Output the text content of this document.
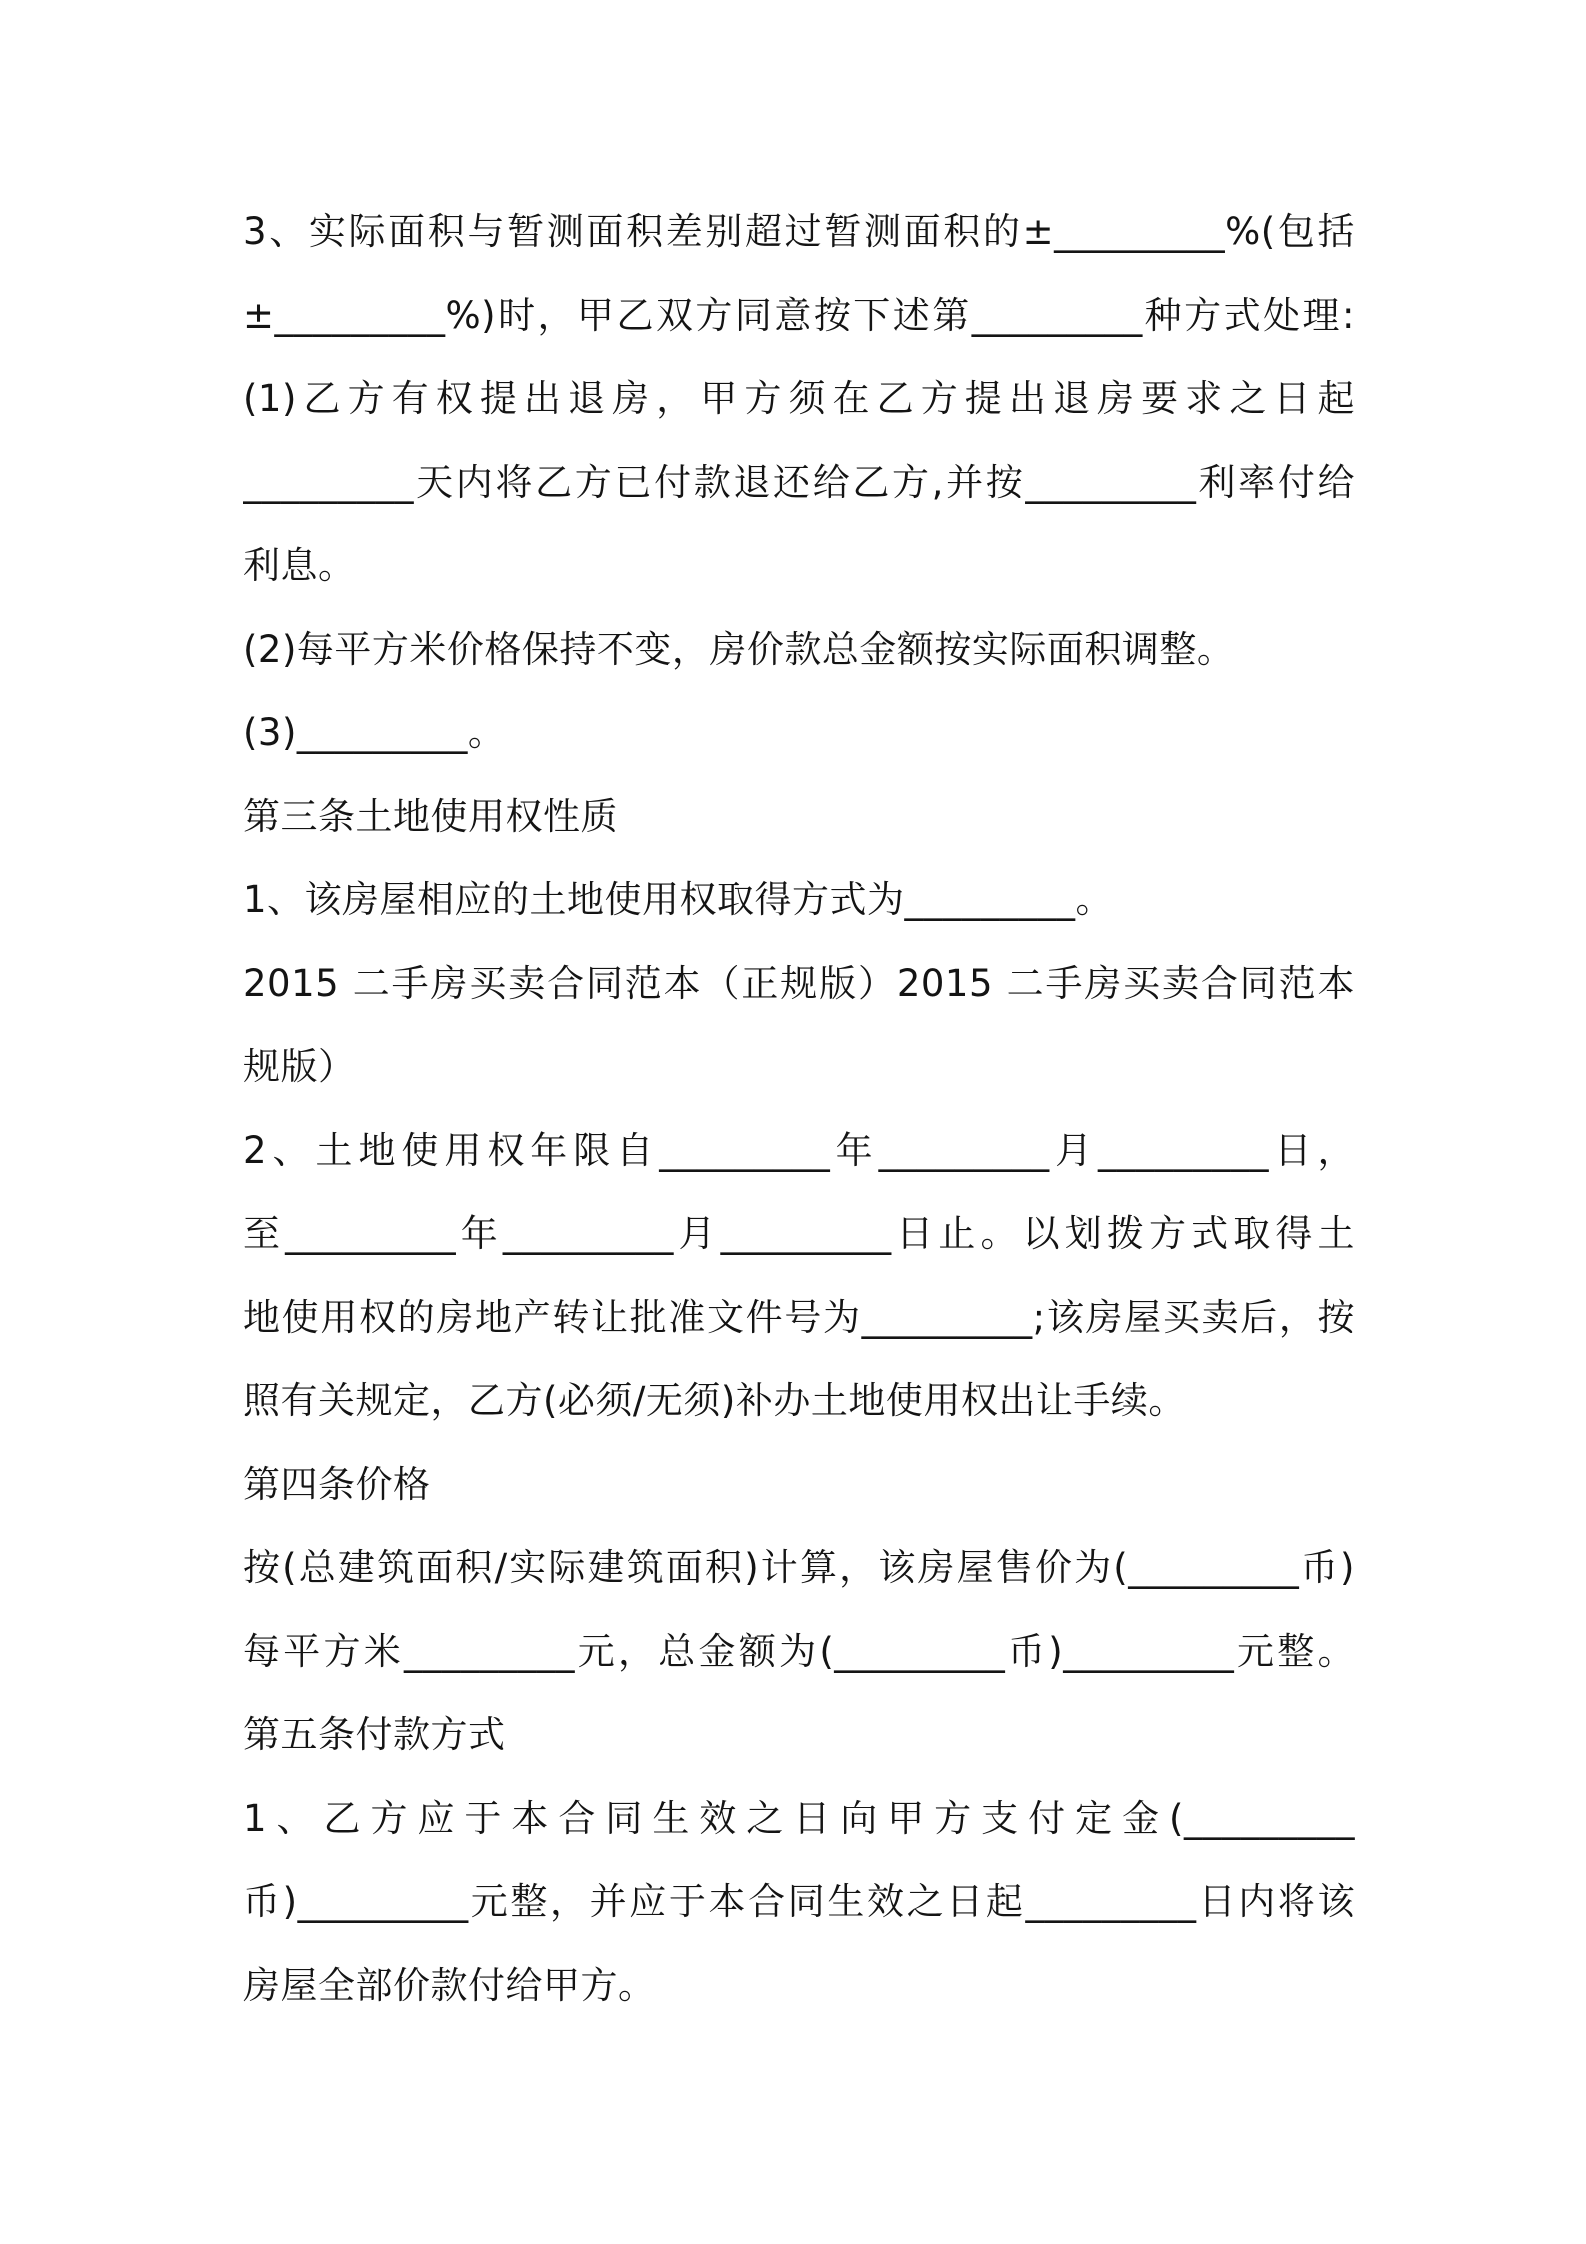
3、实际面积与暂测面积差别超过暂测面积的±_________%(包括
±_________%)时，甲乙双方同意按下述第_________种方式处理:
(1)乙方有权提出退房，甲方须在乙方提出退房要求之日起
_________天内将乙方已付款退还给乙方,并按_________利率付给
利息。
(2)每平方米价格保持不变，房价款总金额按实际面积调整。
(3)_________。
第三条土地使用权性质
1、该房屋相应的土地使用权取得方式为_________。
2015 二手房买卖合同范本（正规版）2015 二手房买卖合同范本
规版）
2、土地使用权年限自_________年_________月_________日，
至_________年_________月_________日止。以划拨方式取得土
地使用权的房地产转让批准文件号为_________;该房屋买卖后，按
照有关规定，乙方(必须/无须)补办土地使用权出让手续。
第四条价格
按(总建筑面积/实际建筑面积)计算，该房屋售价为(_________币)
每平方米_________元，总金额为(_________币)_________元整。
第五条付款方式
1、乙方应于本合同生效之日向甲方支付定金(_________
币)_________元整，并应于本合同生效之日起_________日内将该
房屋全部价款付给甲方。
